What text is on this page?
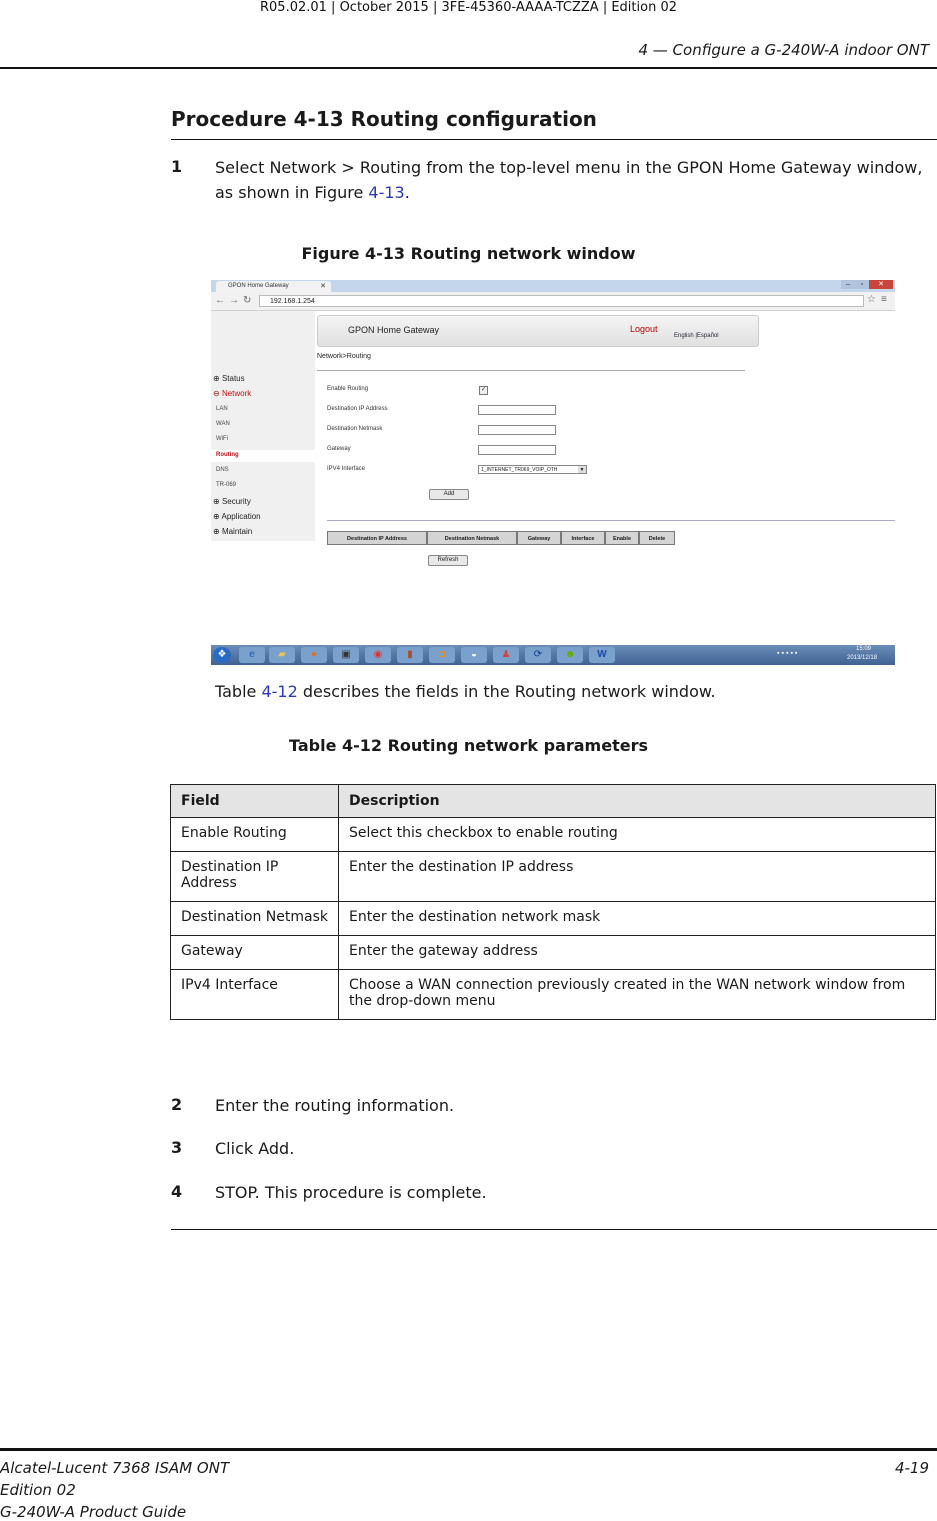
R05.02.01 | October 2015 | 3FE-45360-AAAA-TCZZA | Edition 02
4 — Configure a G-240W-A indoor ONT
Procedure 4-13 Routing configuration
1 Select Network > Routing from the top-level menu in the GPON Home Gateway window, as shown in Figure 4-13.
Figure 4-13 Routing network window
GPON Home Gateway	✕	–	▫	✕
← → ↻	192.168.1.254	☆ ≡
GPON Home Gateway	Logout
English |Español
Network>Routing
⊕ Status
⊖ Network
LAN
WAN
WiFi
Routing
DNS
TR-069
⊕ Security
⊕ Application
⊕ Maintain
Enable Routing	✓
Destination IP Address
Destination Netmask
Gateway
IPV4 Interface	1_INTERNET_TR069_VOIP_OTH	▼
Add
Destination IP Address	Destination Netmask	Gateway	Interface	Enable	Delete
Refresh
❖	e	▰	●	▣	◉	▮	◘	◒	♟	⟳	☻	W	▪▪▪▪▪
15:09
2013/12/18
Table 4-12 describes the fields in the Routing network window.
Table 4-12 Routing network parameters
Field	Description
Enable Routing	Select this checkbox to enable routing
Destination IP Address	Enter the destination IP address
Destination Netmask	Enter the destination network mask
Gateway	Enter the gateway address
IPv4 Interface	Choose a WAN connection previously created in the WAN network window from the drop-down menu
2 Enter the routing information.
3 Click Add.
4 STOP. This procedure is complete.
Alcatel-Lucent 7368 ISAM ONT
Edition 02
G-240W-A Product Guide
4-19
